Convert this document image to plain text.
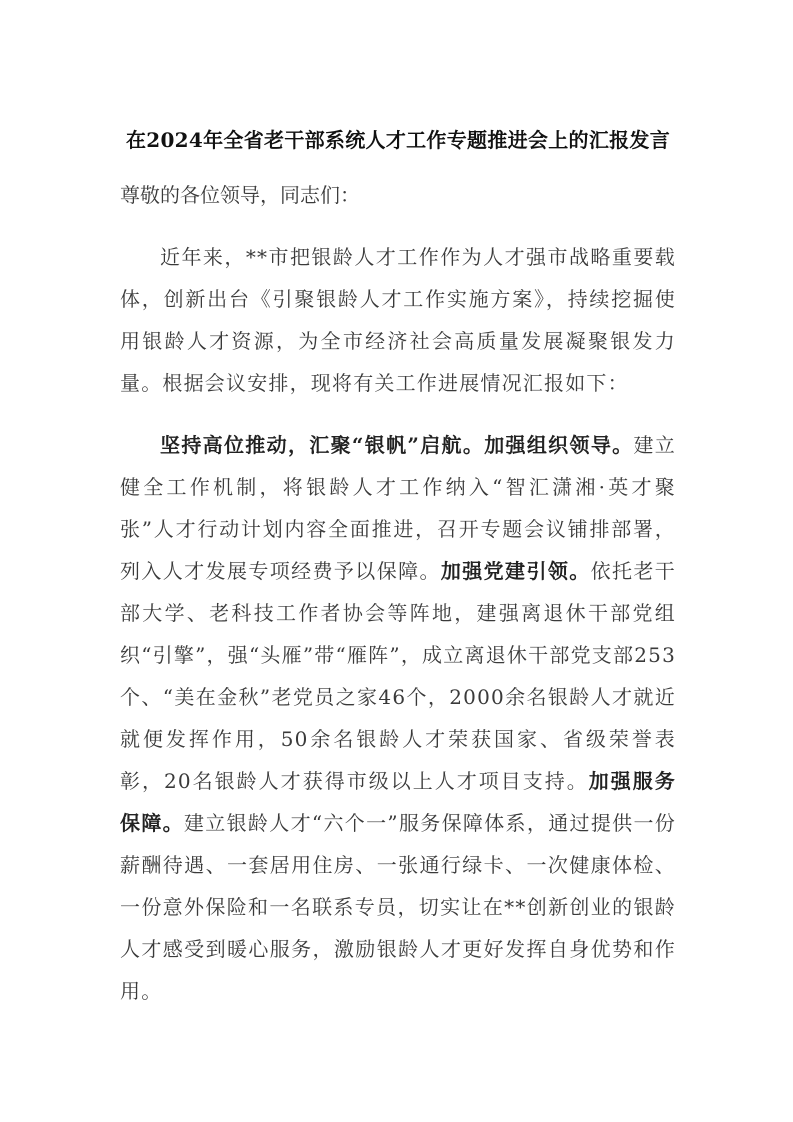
在2024年全省老干部系统人才工作专题推进会上的汇报发言
尊敬的各位领导，同志们：

近年来，**市把银龄人才工作作为人才强市战略重要载体，创新出台《引聚银龄人才工作实施方案》，持续挖掘使用银龄人才资源，为全市经济社会高质量发展凝聚银发力量。根据会议安排，现将有关工作进展情况汇报如下：

坚持高位推动，汇聚“银帆”启航。加强组织领导。建立健全工作机制，将银龄人才工作纳入“智汇潇湘·英才聚张”人才行动计划内容全面推进，召开专题会议铺排部署，列入人才发展专项经费予以保障。加强党建引领。依托老干部大学、老科技工作者协会等阵地，建强离退休干部党组织“引擎”，强“头雁”带“雁阵”，成立离退休干部党支部253个、“美在金秋”老党员之家46个，2000余名银龄人才就近就便发挥作用，50余名银龄人才荣获国家、省级荣誉表彰，20名银龄人才获得市级以上人才项目支持。加强服务保障。建立银龄人才“六个一”服务保障体系，通过提供一份薪酬待遇、一套居用住房、一张通行绿卡、一次健康体检、一份意外保险和一名联系专员，切实让在**创新创业的银龄人才感受到暖心服务，激励银龄人才更好发挥自身优势和作用。
